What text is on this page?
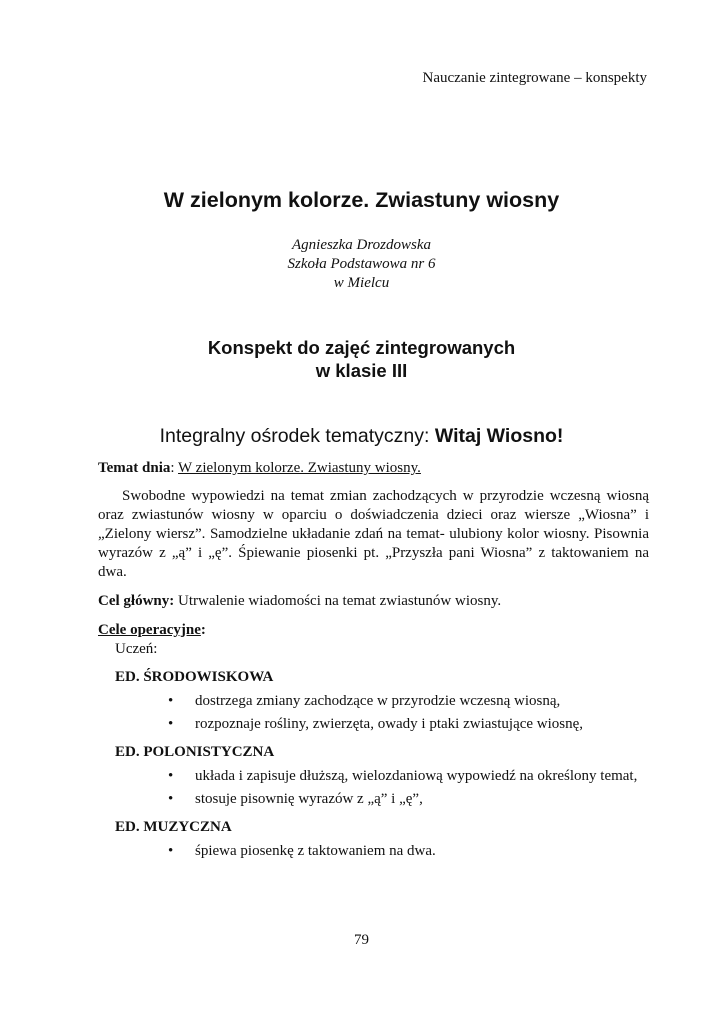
Nauczanie zintegrowane – konspekty
W zielonym kolorze. Zwiastuny wiosny
Agnieszka Drozdowska
Szkoła Podstawowa nr 6
w Mielcu
Konspekt do zajęć zintegrowanych
w klasie III
Integralny ośrodek tematyczny: Witaj Wiosno!
Temat dnia: W zielonym kolorze. Zwiastuny wiosny.
Swobodne wypowiedzi na temat zmian zachodzących w przyrodzie wczesną wiosną oraz zwiastunów wiosny w oparciu o doświadczenia dzieci oraz wiersze „Wiosna” i „Zielony wiersz”. Samodzielne układanie zdań na temat- ulubiony kolor wiosny. Pisownia wyrazów z „ą” i „ę”. Śpiewanie piosenki pt. „Przyszła pani Wiosna” z taktowaniem na dwa.
Cel główny: Utrwalenie wiadomości na temat zwiastunów wiosny.
Cele operacyjne:
Uczeń:
ED. ŚRODOWISKOWA
• dostrzega zmiany zachodzące w przyrodzie wczesną wiosną,
• rozpoznaje rośliny, zwierzęta, owady i ptaki zwiastujące wiosnę,
ED. POLONISTYCZNA
• układa i zapisuje dłuższą, wielozdaniową wypowiedź na określony temat,
• stosuje pisownię wyrazów z „ą” i „ę”,
ED. MUZYCZNA
• śpiewa piosenkę z taktowaniem na dwa.
79
